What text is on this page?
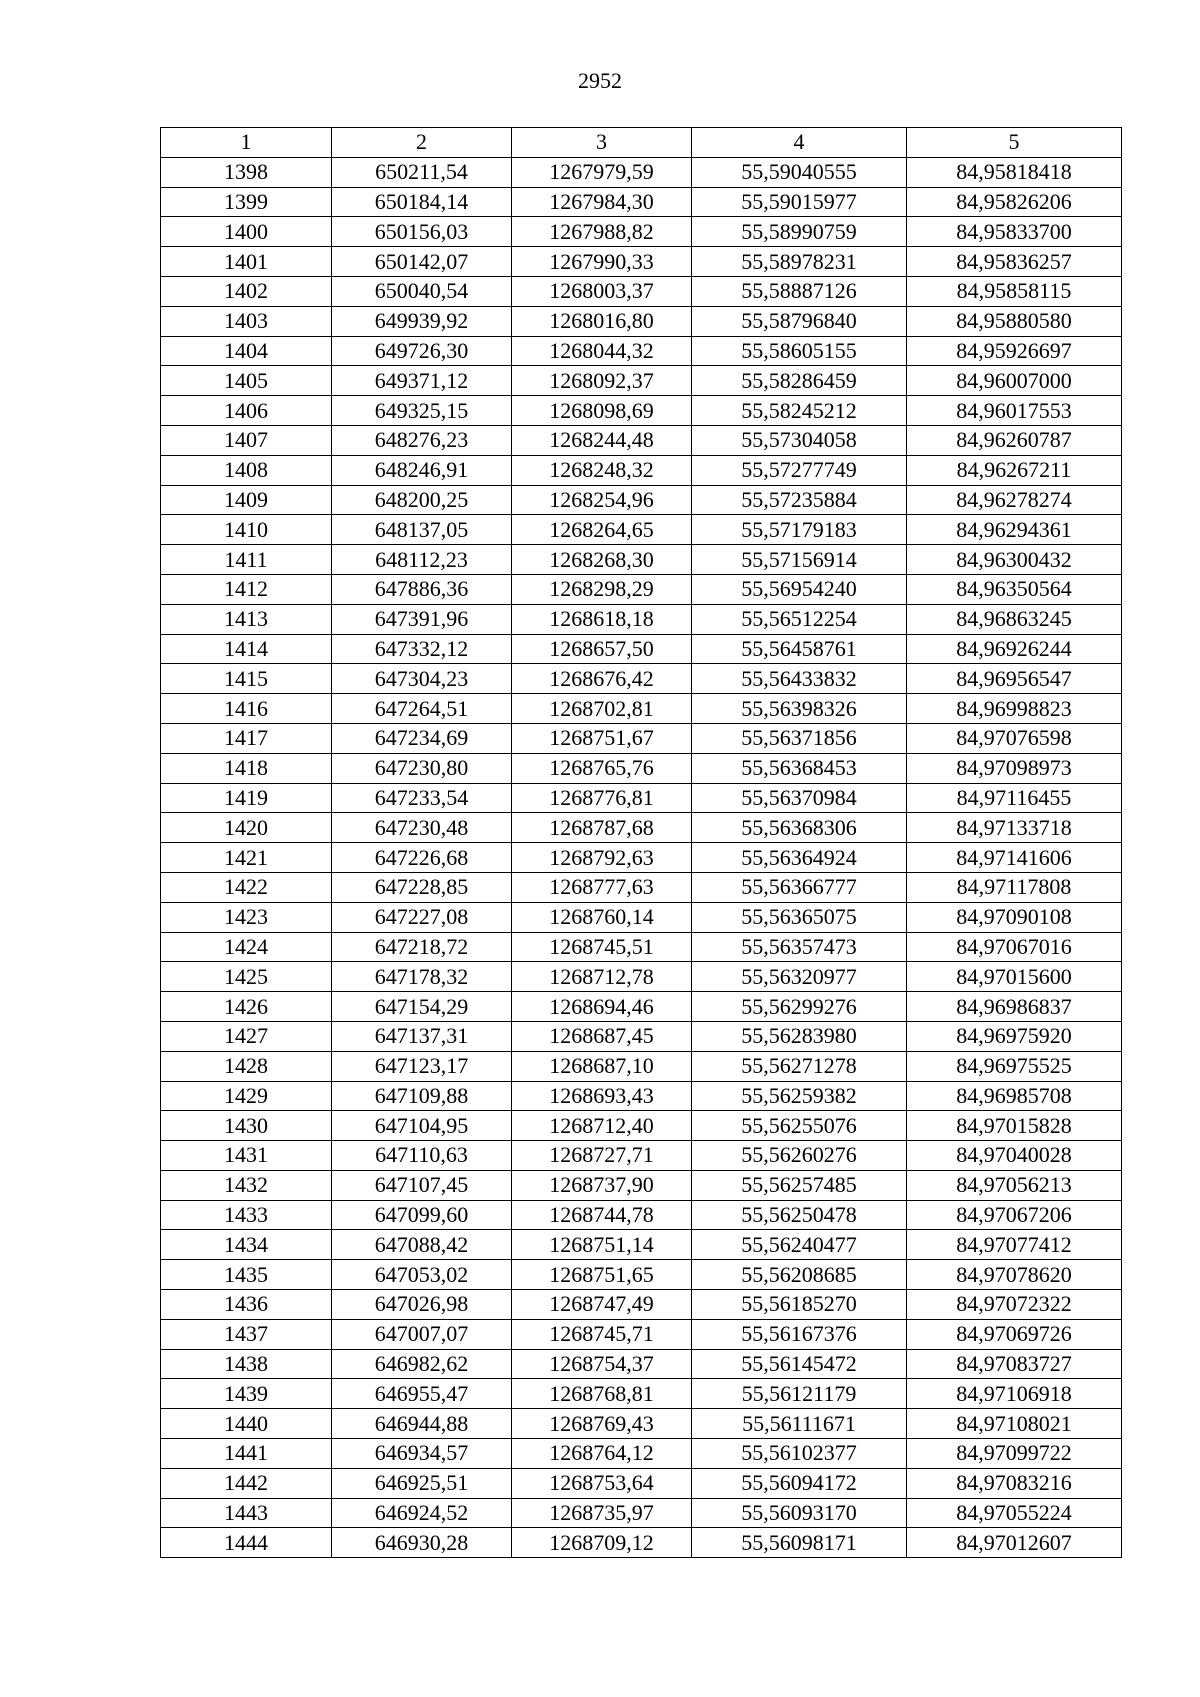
2952
1	2	3	4	5
1398	650211,54	1267979,59	55,59040555	84,95818418
1399	650184,14	1267984,30	55,59015977	84,95826206
1400	650156,03	1267988,82	55,58990759	84,95833700
1401	650142,07	1267990,33	55,58978231	84,95836257
1402	650040,54	1268003,37	55,58887126	84,95858115
1403	649939,92	1268016,80	55,58796840	84,95880580
1404	649726,30	1268044,32	55,58605155	84,95926697
1405	649371,12	1268092,37	55,58286459	84,96007000
1406	649325,15	1268098,69	55,58245212	84,96017553
1407	648276,23	1268244,48	55,57304058	84,96260787
1408	648246,91	1268248,32	55,57277749	84,96267211
1409	648200,25	1268254,96	55,57235884	84,96278274
1410	648137,05	1268264,65	55,57179183	84,96294361
1411	648112,23	1268268,30	55,57156914	84,96300432
1412	647886,36	1268298,29	55,56954240	84,96350564
1413	647391,96	1268618,18	55,56512254	84,96863245
1414	647332,12	1268657,50	55,56458761	84,96926244
1415	647304,23	1268676,42	55,56433832	84,96956547
1416	647264,51	1268702,81	55,56398326	84,96998823
1417	647234,69	1268751,67	55,56371856	84,97076598
1418	647230,80	1268765,76	55,56368453	84,97098973
1419	647233,54	1268776,81	55,56370984	84,97116455
1420	647230,48	1268787,68	55,56368306	84,97133718
1421	647226,68	1268792,63	55,56364924	84,97141606
1422	647228,85	1268777,63	55,56366777	84,97117808
1423	647227,08	1268760,14	55,56365075	84,97090108
1424	647218,72	1268745,51	55,56357473	84,97067016
1425	647178,32	1268712,78	55,56320977	84,97015600
1426	647154,29	1268694,46	55,56299276	84,96986837
1427	647137,31	1268687,45	55,56283980	84,96975920
1428	647123,17	1268687,10	55,56271278	84,96975525
1429	647109,88	1268693,43	55,56259382	84,96985708
1430	647104,95	1268712,40	55,56255076	84,97015828
1431	647110,63	1268727,71	55,56260276	84,97040028
1432	647107,45	1268737,90	55,56257485	84,97056213
1433	647099,60	1268744,78	55,56250478	84,97067206
1434	647088,42	1268751,14	55,56240477	84,97077412
1435	647053,02	1268751,65	55,56208685	84,97078620
1436	647026,98	1268747,49	55,56185270	84,97072322
1437	647007,07	1268745,71	55,56167376	84,97069726
1438	646982,62	1268754,37	55,56145472	84,97083727
1439	646955,47	1268768,81	55,56121179	84,97106918
1440	646944,88	1268769,43	55,56111671	84,97108021
1441	646934,57	1268764,12	55,56102377	84,97099722
1442	646925,51	1268753,64	55,56094172	84,97083216
1443	646924,52	1268735,97	55,56093170	84,97055224
1444	646930,28	1268709,12	55,56098171	84,97012607
